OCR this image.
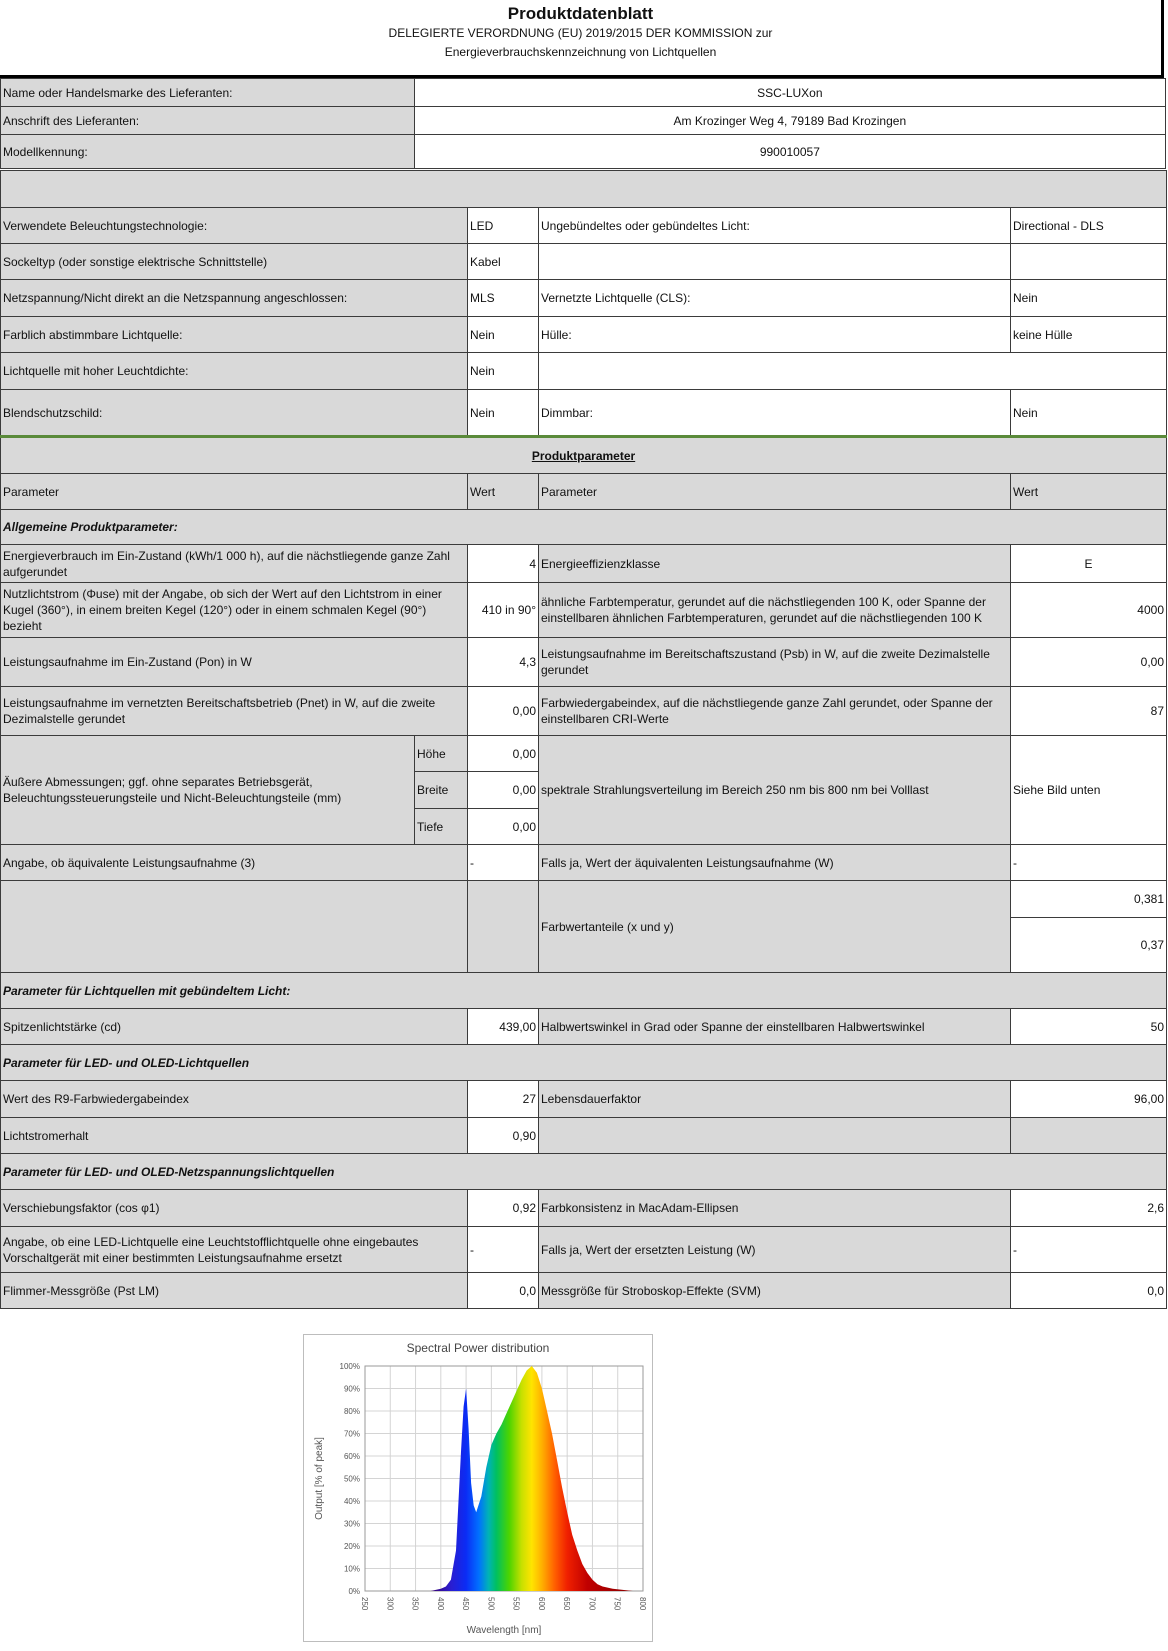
Produktdatenblatt
DELEGIERTE VERORDNUNG (EU) 2019/2015 DER KOMMISSION zur
Energieverbrauchskennzeichnung von Lichtquellen
Name oder Handelsmarke des Lieferanten:	SSC-LUXon
Anschrift des Lieferanten:	Am Krozinger Weg 4, 79189 Bad Krozingen
Modellkennung:	990010057

Verwendete Beleuchtungstechnologie:		LED	Ungebündeltes oder gebündeltes Licht:	Directional - DLS
Sockeltyp (oder sonstige elektrische Schnittstelle)		Kabel		
Netzspannung/Nicht direkt an die Netzspannung angeschlossen:		MLS	Vernetzte Lichtquelle (CLS):	Nein
Farblich abstimmbare Lichtquelle:		Nein	Hülle:	keine Hülle
Lichtquelle mit hoher Leuchtdichte:		Nein		
Blendschutzschild:		Nein	Dimmbar:	Nein
Produktparameter				
Parameter		Wert	Parameter	Wert
Allgemeine Produktparameter:				
Energieverbrauch im Ein-Zustand (kWh/1 000 h), auf die nächstliegende ganze Zahl aufgerundet		4	Energieeffizienzklasse	E
Nutzlichtstrom (Φuse) mit der Angabe, ob sich der Wert auf den Lichtstrom in einer Kugel (360°), in einem breiten Kegel (120°) oder in einem schmalen Kegel (90°) bezieht		410 in 90°	ähnliche Farbtemperatur, gerundet auf die nächstliegenden 100 K, oder Spanne der einstellbaren ähnlichen Farbtemperaturen, gerundet auf die nächstliegenden 100 K	4000
Leistungsaufnahme im Ein-Zustand (Pon) in W		4,3	Leistungsaufnahme im Bereitschaftszustand (Psb) in W, auf die zweite Dezimalstelle gerundet	0,00
Leistungsaufnahme im vernetzten Bereitschaftsbetrieb (Pnet) in W, auf die zweite Dezimalstelle gerundet		0,00	Farbwiedergabeindex, auf die nächstliegende ganze Zahl gerundet, oder Spanne der einstellbaren CRI-Werte	87
Äußere Abmessungen; ggf. ohne separates Betriebsgerät, Beleuchtungssteuerungsteile und Nicht-Beleuchtungsteile (mm)	Höhe	0,00	spektrale Strahlungsverteilung im Bereich 250 nm bis 800 nm bei Volllast	Siehe Bild unten
	Breite	0,00		
	Tiefe	0,00		
Angabe, ob äquivalente Leistungsaufnahme (3)		-	Falls ja, Wert der äquivalenten Leistungsaufnahme (W)	-
			Farbwertanteile (x und y)	0,381
				0,37
Parameter für Lichtquellen mit gebündeltem Licht:				
Spitzenlichtstärke (cd)		439,00	Halbwertswinkel in Grad oder Spanne der einstellbaren Halbwertswinkel	50
Parameter für LED- und OLED-Lichtquellen				
Wert des R9-Farbwiedergabeindex		27	Lebensdauerfaktor	96,00
Lichtstromerhalt		0,90		
Parameter für LED- und OLED-Netzspannungslichtquellen				
Verschiebungsfaktor (cos φ1)		0,92	Farbkonsistenz in MacAdam-Ellipsen	2,6
Angabe, ob eine LED-Lichtquelle eine Leuchtstofflichtquelle ohne eingebautes Vorschaltgerät mit einer bestimmten Leistungsaufnahme ersetzt		-	Falls ja, Wert der ersetzten Leistung (W)	-
Flimmer-Messgröße (Pst LM)		0,0	Messgröße für Stroboskop-Effekte (SVM)	0,0
Spectral Power distribution
0%
10%
20%
30%
40%
50%
60%
70%
80%
90%
100%
250 300 350 400 450 500 550 600 650 700 750 800
Wavelength [nm]
Output [% of peak]
